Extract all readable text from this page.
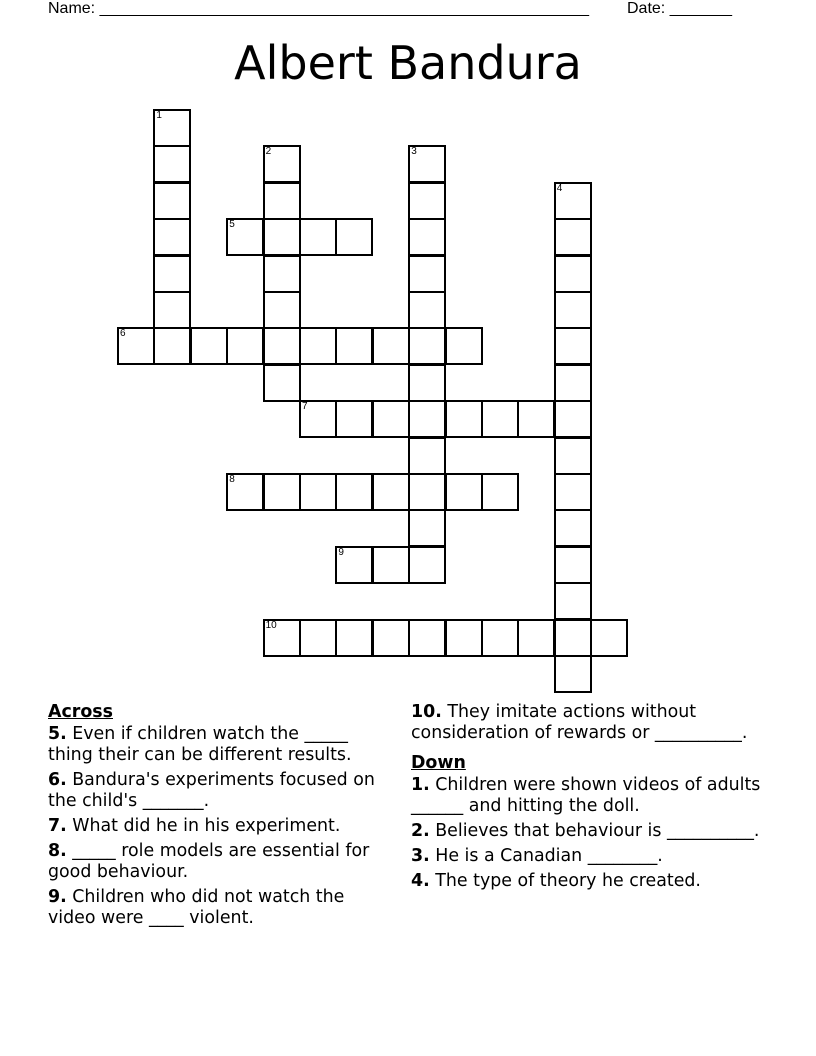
Name: _______________________________________________________ Date: _______
Albert Bandura
1
2	3
4
5
6
7
8
9
10
Across
5. Even if children watch the _____ thing their can be different results.
6. Bandura's experiments focused on the child's _______.
7. What did he in his experiment.
8. _____ role models are essential for good behaviour.
9. Children who did not watch the video were ____ violent.
10. They imitate actions without consideration of rewards or __________.
Down
1. Children were shown videos of adults ______ and hitting the doll.
2. Believes that behaviour is __________.
3. He is a Canadian ________.
4. The type of theory he created.
